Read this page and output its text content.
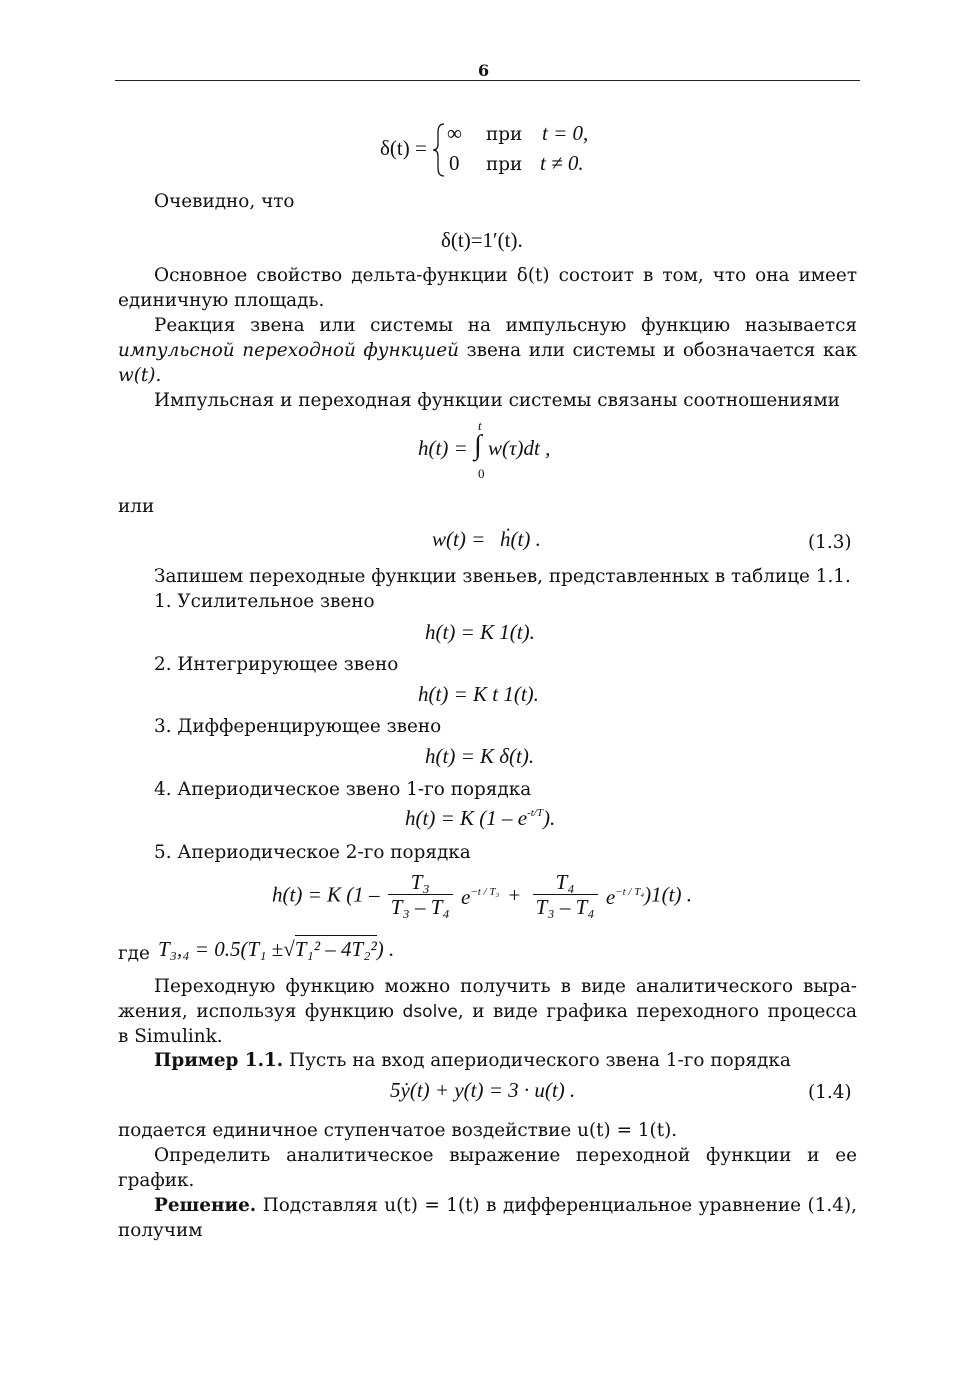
6
δ(t) =
∞ при t = 0,
0 при t ≠ 0.
Очевидно, что
δ(t)=1′(t).
Основное свойство дельта-функции δ(t) состоит в том, что она имеет
единичную площадь.
Реакция звена или системы на импульсную функцию называется
импульсной переходной функцией звена или системы и обозначается как
w(t).
Импульсная и переходная функции системы связаны соотношениями
h(t) =
t
∫
0
w(τ)dt ,
или
w(t) = ḣ(t) .	(1.3)
Запишем переходные функции звеньев, представленных в таблице 1.1.
1. Усилительное звено
h(t) = K 1(t).
2. Интегрирующее звено
h(t) = K t 1(t).
3. Дифференцирующее звено
h(t) = K δ(t).
4. Апериодическое звено 1-го порядка
h(t) = K $(1 - e^{-t/T})$.
5. Апериодическое 2-го порядка
h(t) = K $(1 - \frac{\text{T₃}}{\text{T₃ – T₄}} e^{-t / T_3} + \frac{\text{T₄}}{\text{T₃ – T₄}} e^{-t / T_4})1(t)$ .
где T₃,₄ = 0.5(T₁ ±√T₁² – 4T₂²) .
Переходную функцию можно получить в виде аналитического выра-
жения, используя функцию dsolve, и виде графика переходного процесса
в Simulink.
Пример 1.1. Пусть на вход апериодического звена 1-го порядка
5ẏ(t) + y(t) = 3 · u(t) .	(1.4)
подается единичное ступенчатое воздействие u(t) = 1(t).
Определить аналитическое выражение переходной функции и ее
график.
Решение. Подставляя u(t) = 1(t) в дифференциальное уравнение (1.4),
получим
